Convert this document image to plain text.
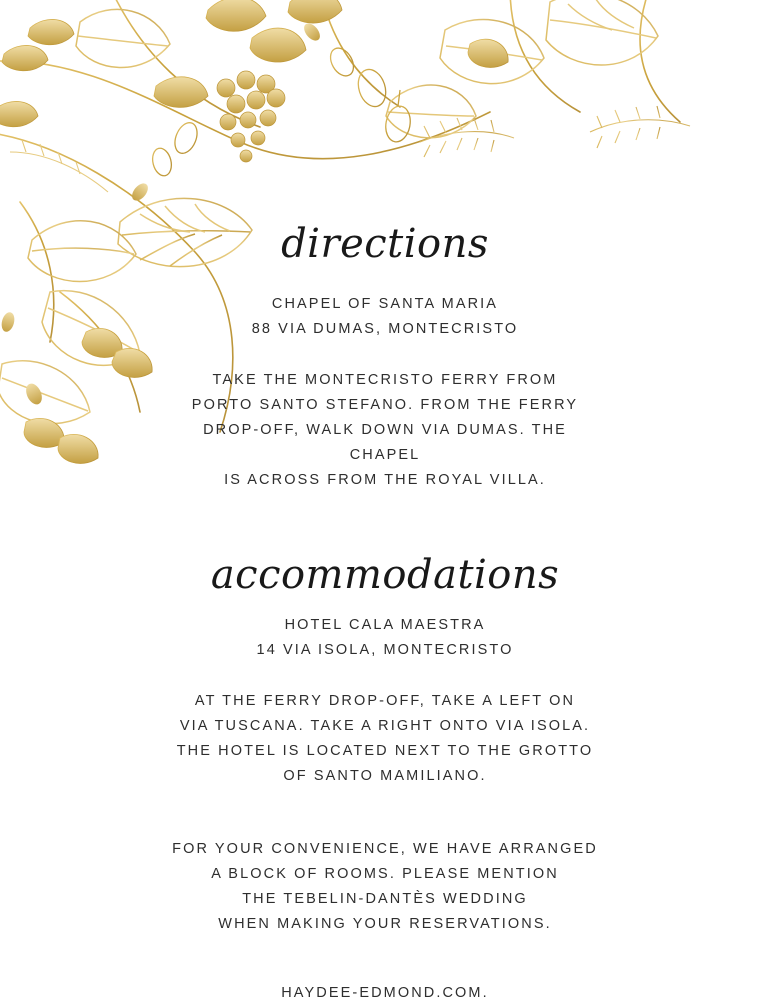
directions

CHAPEL OF SANTA MARIA
88 VIA DUMAS, MONTECRISTO

TAKE THE MONTECRISTO FERRY FROM
PORTO SANTO STEFANO. FROM THE FERRY
DROP-OFF, WALK DOWN VIA DUMAS. THE CHAPEL
IS ACROSS FROM THE ROYAL VILLA.

accommodations

HOTEL CALA MAESTRA
14 VIA ISOLA, MONTECRISTO

AT THE FERRY DROP-OFF, TAKE A LEFT ON
VIA TUSCANA. TAKE A RIGHT ONTO VIA ISOLA.
THE HOTEL IS LOCATED NEXT TO THE GROTTO
OF SANTO MAMILIANO.

FOR YOUR CONVENIENCE, WE HAVE ARRANGED
A BLOCK OF ROOMS. PLEASE MENTION
THE TEBELIN-DANTÈS WEDDING
WHEN MAKING YOUR RESERVATIONS.

HAYDEE-EDMOND.COM.
